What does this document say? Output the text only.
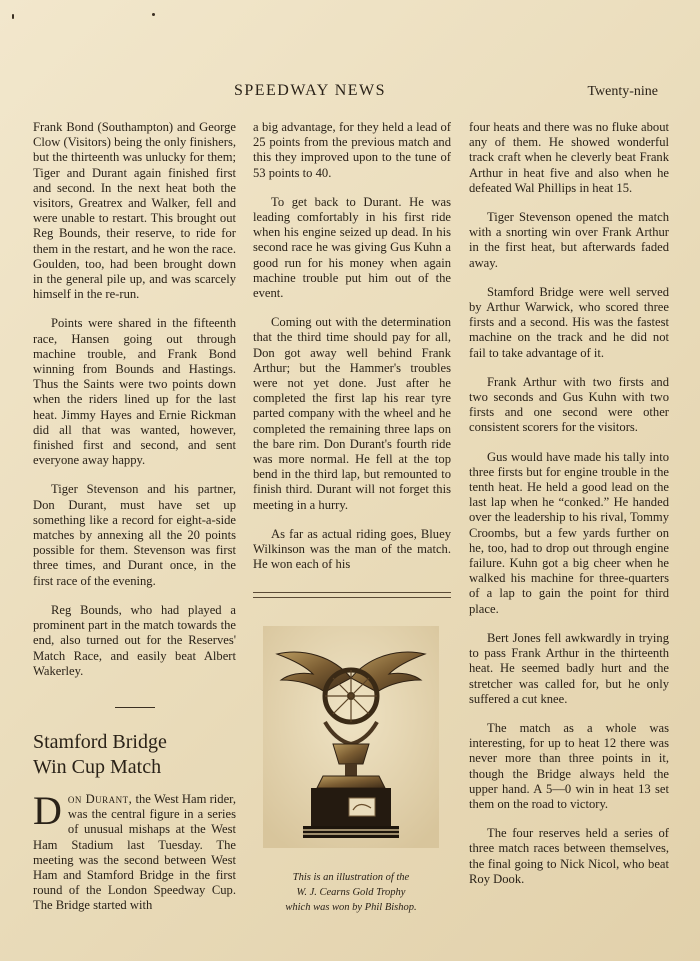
SPEEDWAY NEWS	Twenty-nine

Frank Bond (Southampton) and George Clow (Visitors) being the only finishers, but the thirteenth was unlucky for them; Tiger and Durant again finished first and second. In the next heat both the visitors, Greatrex and Walker, fell and were unable to restart. This brought out Reg Bounds, their reserve, to ride for them in the restart, and he won the race. Goulden, too, had been brought down in the general pile up, and was scarcely himself in the re-run.

Points were shared in the fifteenth race, Hansen going out through machine trouble, and Frank Bond winning from Bounds and Hastings. Thus the Saints were two points down when the riders lined up for the last heat. Jimmy Hayes and Ernie Rickman did all that was wanted, however, finished first and second, and sent everyone away happy.

Tiger Stevenson and his partner, Don Durant, must have set up something like a record for eight-a-side matches by annexing all the 20 points possible for them. Stevenson was first three times, and Durant once, in the first race of the evening.

Reg Bounds, who had played a prominent part in the match towards the end, also turned out for the Reserves' Match Race, and easily beat Albert Wakerley.

Stamford Bridge
Win Cup Match

Don Durant, the West Ham rider, was the central figure in a series of unusual mishaps at the West Ham Stadium last Tuesday. The meeting was the second between West Ham and Stamford Bridge in the first round of the London Speedway Cup. The Bridge started with

a big advantage, for they held a lead of 25 points from the previous match and this they improved upon to the tune of 53 points to 40.

To get back to Durant. He was leading comfortably in his first ride when his engine seized up dead. In his second race he was giving Gus Kuhn a good run for his money when again machine trouble put him out of the event.

Coming out with the determination that the third time should pay for all, Don got away well behind Frank Arthur; but the Hammer's troubles were not yet done. Just after he completed the first lap his rear tyre parted company with the wheel and he completed the remaining three laps on the bare rim. Don Durant's fourth ride was more normal. He fell at the top bend in the third lap, but remounted to finish third. Durant will not forget this meeting in a hurry.

As far as actual riding goes, Bluey Wilkinson was the man of the match. He won each of his

This is an illustration of the
W. J. Cearns Gold Trophy
which was won by Phil Bishop.

four heats and there was no fluke about any of them. He showed wonderful track craft when he cleverly beat Frank Arthur in heat five and also when he defeated Wal Phillips in heat 15.

Tiger Stevenson opened the match with a snorting win over Frank Arthur in the first heat, but afterwards faded away.

Stamford Bridge were well served by Arthur Warwick, who scored three firsts and a second. His was the fastest machine on the track and he did not fail to take advantage of it.

Frank Arthur with two firsts and two seconds and Gus Kuhn with two firsts and one second were other consistent scorers for the visitors.

Gus would have made his tally into three firsts but for engine trouble in the tenth heat. He held a good lead on the last lap when he “conked.” He handed over the leadership to his rival, Tommy Croombs, but a few yards further on he, too, had to drop out through engine failure. Kuhn got a big cheer when he walked his machine for three-quarters of a lap to gain the point for third place.

Bert Jones fell awkwardly in trying to pass Frank Arthur in the thirteenth heat. He seemed badly hurt and the stretcher was called for, but he only suffered a cut knee.

The match as a whole was interesting, for up to heat 12 there was never more than three points in it, though the Bridge always held the upper hand. A 5—0 win in heat 13 set them on the road to victory.

The four reserves held a series of three match races between themselves, the final going to Nick Nicol, who beat Roy Dook.
